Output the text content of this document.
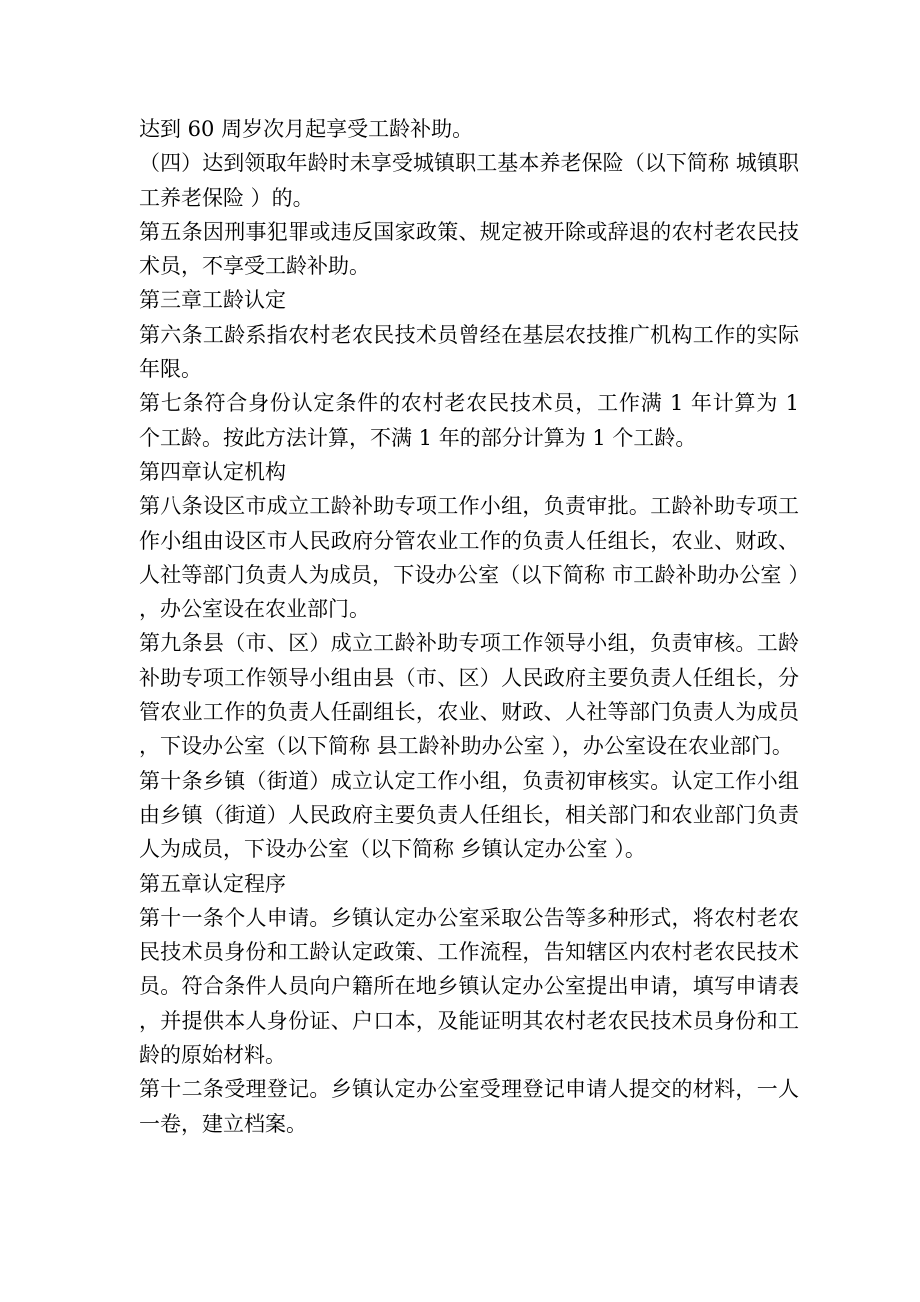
达到 60 周岁次月起享受工龄补助。

（四）达到领取年龄时未享受城镇职工基本养老保险（以下简称 城镇职工养老保险 ）的。

第五条因刑事犯罪或违反国家政策、规定被开除或辞退的农村老农民技术员，不享受工龄补助。

第三章工龄认定

第六条工龄系指农村老农民技术员曾经在基层农技推广机构工作的实际年限。

第七条符合身份认定条件的农村老农民技术员，工作满 1 年计算为 1 个工龄。按此方法计算，不满 1 年的部分计算为 1 个工龄。

第四章认定机构

第八条设区市成立工龄补助专项工作小组，负责审批。工龄补助专项工作小组由设区市人民政府分管农业工作的负责人任组长，农业、财政、人社等部门负责人为成员，下设办公室（以下简称 市工龄补助办公室 ），办公室设在农业部门。

第九条县（市、区）成立工龄补助专项工作领导小组，负责审核。工龄补助专项工作领导小组由县（市、区）人民政府主要负责人任组长，分管农业工作的负责人任副组长，农业、财政、人社等部门负责人为成员，下设办公室（以下简称 县工龄补助办公室 ），办公室设在农业部门。

第十条乡镇（街道）成立认定工作小组，负责初审核实。认定工作小组由乡镇（街道）人民政府主要负责人任组长，相关部门和农业部门负责人为成员，下设办公室（以下简称 乡镇认定办公室 ）。

第五章认定程序

第十一条个人申请。乡镇认定办公室采取公告等多种形式，将农村老农民技术员身份和工龄认定政策、工作流程，告知辖区内农村老农民技术员。符合条件人员向户籍所在地乡镇认定办公室提出申请，填写申请表，并提供本人身份证、户口本，及能证明其农村老农民技术员身份和工龄的原始材料。

第十二条受理登记。乡镇认定办公室受理登记申请人提交的材料，一人一卷，建立档案。
